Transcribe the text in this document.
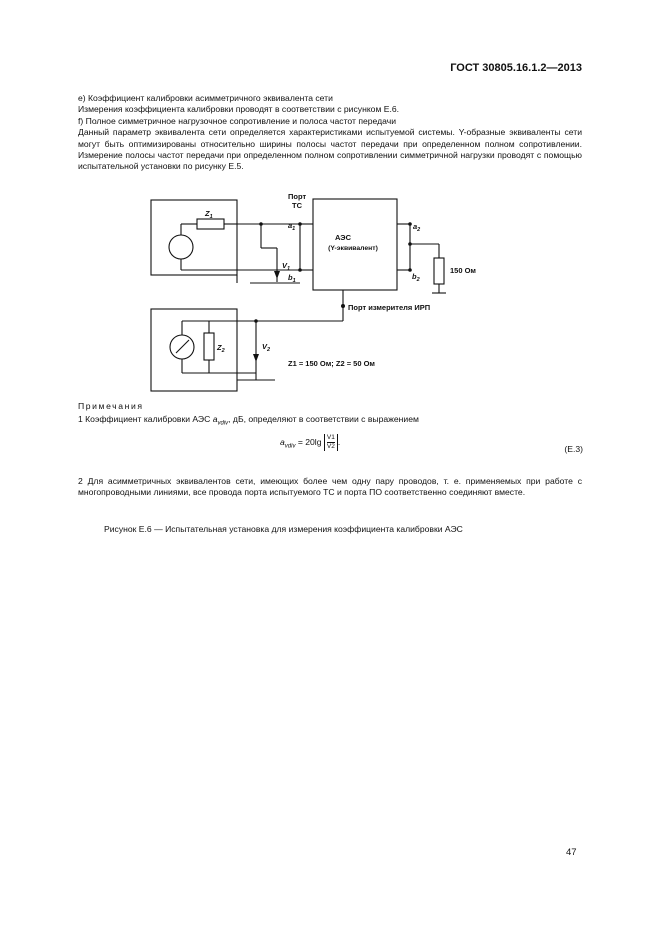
ГОСТ 30805.16.1.2—2013

е) Коэффициент калибровки асимметричного эквивалента сети

Измерения коэффициента калибровки проводят в соответствии с рисунком Е.6.

f) Полное симметричное нагрузочное сопротивление и полоса частот передачи

Данный параметр эквивалента сети определяется характеристиками испытуемой системы. Y-образные эквиваленты сети могут быть оптимизированы относительно ширины полосы частот передачи при определенном полном сопротивлении. Измерение полосы частот передачи при определенном полном сопротивлении симметричной нагрузки проводят с помощью испытательной установки по рисунку Е.5.

Порт
ТС
АЭС
(Y-эквивалент)
$a_1$
$b_1$
$a_2$
$b_2$
$Z_1$
$Z_2$
$V_1$
$V_2$
150 Ом
Порт измерителя ИРП
Z1 = 150 Ом; Z2 = 50 Ом
Примечания
1 Коэффициент калибровки АЭС $a_{vdiv}$, дБ, определяют в соответствии с выражением
$a_{vdiv} = 20\lg \frac{V1}{V2}$ .
(Е.3)
2 Для асимметричных эквивалентов сети, имеющих более чем одну пару проводов, т. е. применяемых при работе с многопроводными линиями, все провода порта испытуемого ТС и порта ПО соответственно соединяют вместе.
Рисунок Е.6 — Испытательная установка для измерения коэффициента калибровки АЭС
47
